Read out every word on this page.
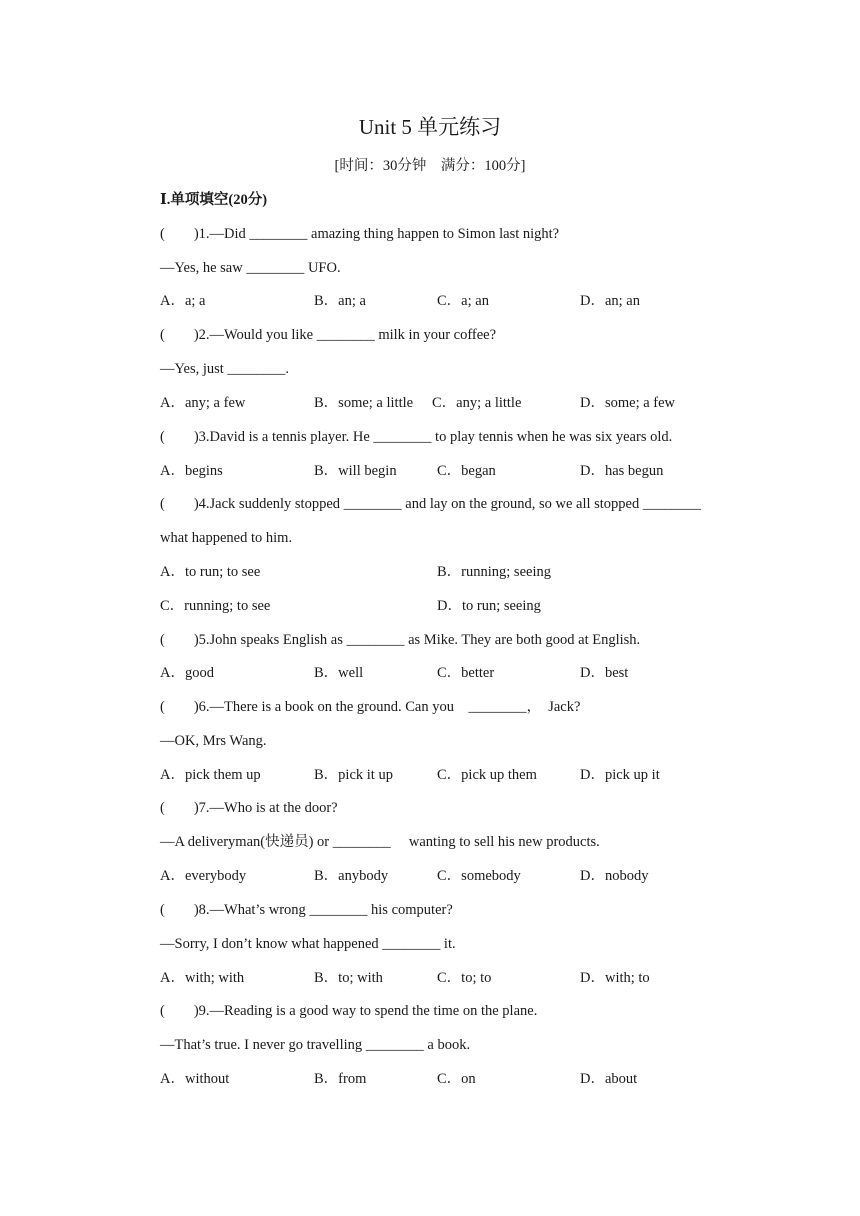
Unit 5 单元练习
[时间：30分钟　满分：100分]
Ⅰ.单项填空(20分)
(　　)1.—Did ________ amazing thing happen to Simon last night?
—Yes, he saw ________ UFO.

A．a; a

	B．an; a

	C．a; an

	D．an; an

(　　)2.—Would you like ________ milk in your coffee?
—Yes, just ________.

A．any; a few

	B．some; a little

C．any; a little

	D．some; a few

(　　)3.David is a tennis player. He ________ to play tennis when he was six years old.

A．begins

	B．will begin

	C．began

	D．has begun

(　　)4.Jack suddenly stopped ________ and lay on the ground, so we all stopped ________
what happened to him.

A．to run; to see

	B．running; seeing

C．running; to see

	D．to run; seeing

(　　)5.John speaks English as ________ as Mike. They are both good at English.

A．good

	B．well

	C．better

	D．best

(　　)6.—There is a book on the ground. Can you　________，　Jack?
—OK, Mrs Wang.

A．pick them up

	B．pick it up

	C．pick up them

	D．pick up it

(　　)7.—Who is at the door?
—A deliveryman(快递员) or ________　 wanting to sell his new products.

A．everybody

	B．anybody

	C．somebody

	D．nobody

(　　)8.—What’s wrong ________ his computer?
—Sorry, I don’t know what happened ________ it.

A．with; with

	B．to; with

	C．to; to

	D．with; to

(　　)9.—Reading is a good way to spend the time on the plane.
—That’s true. I never go travelling ________ a book.

A．without

	B．from

	C．on

	D．about
